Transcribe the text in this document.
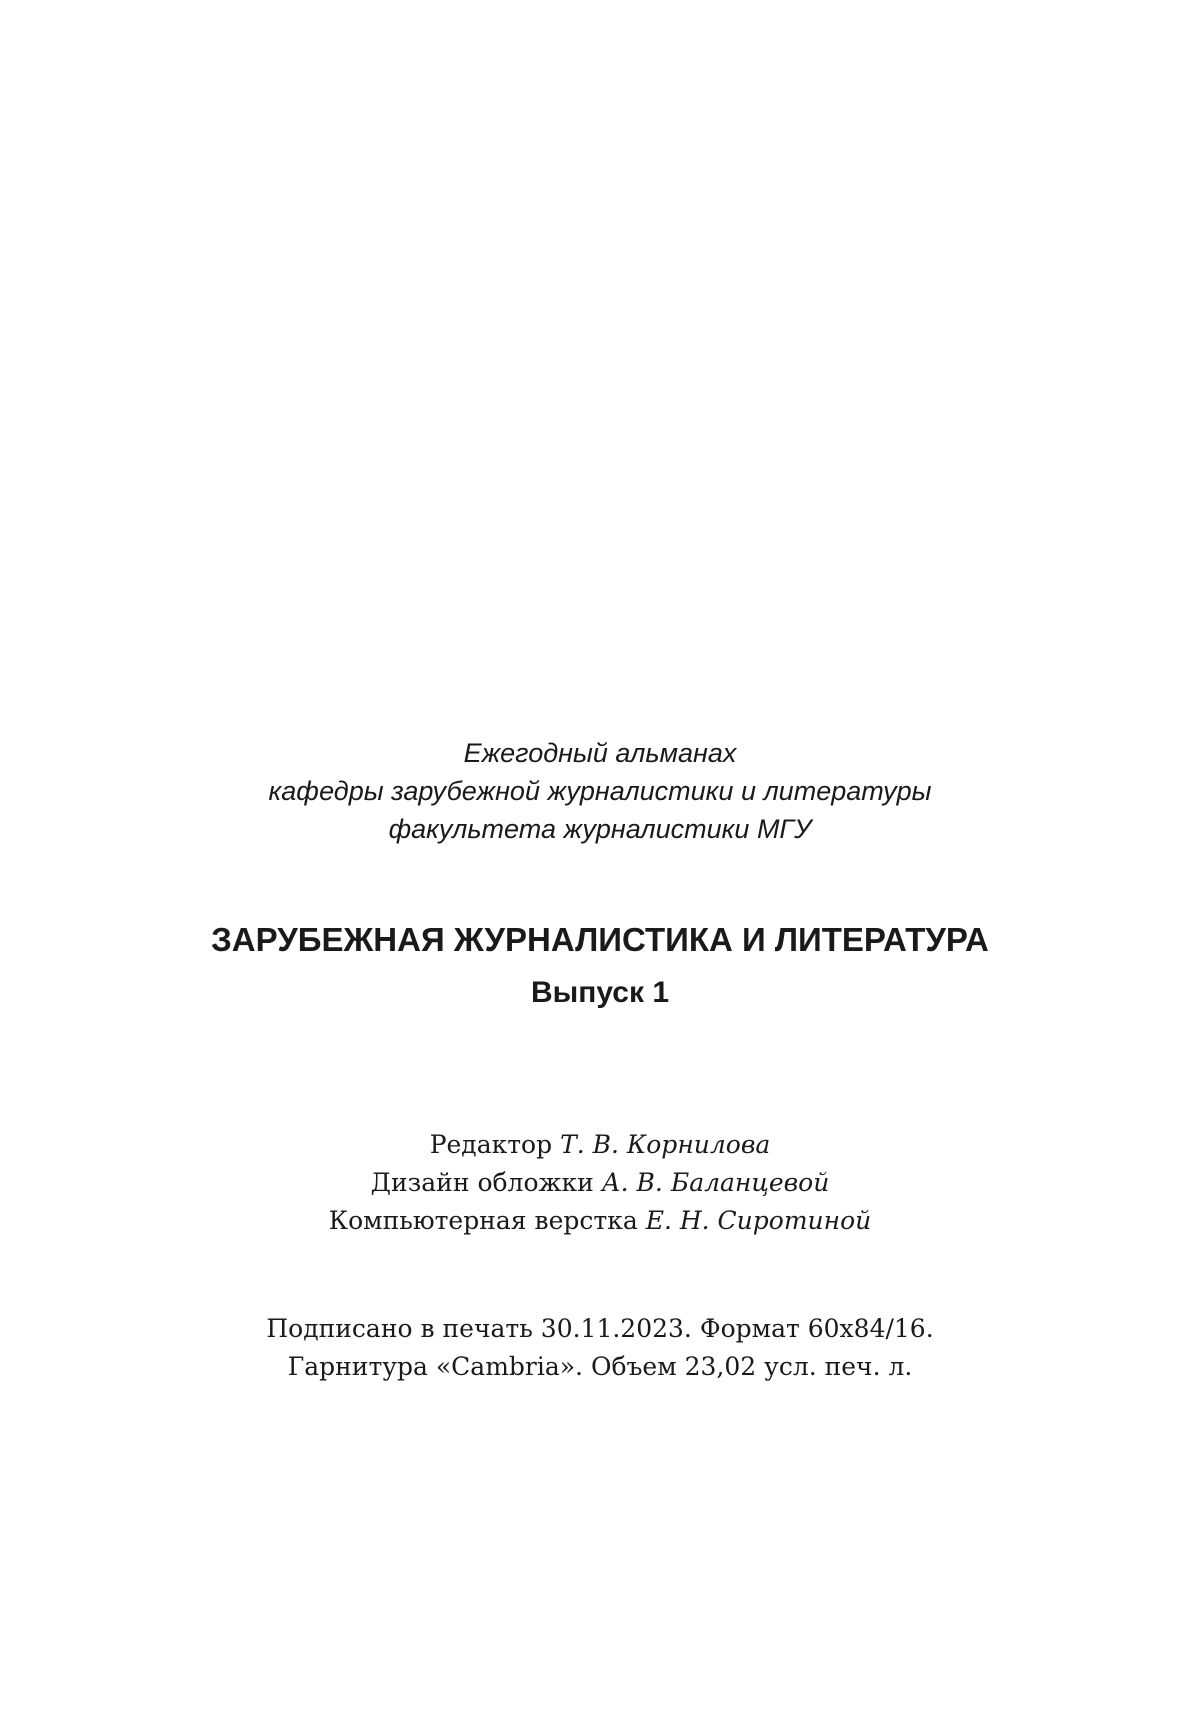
Ежегодный альманах
кафедры зарубежной журналистики и литературы
факультета журналистики МГУ
ЗАРУБЕЖНАЯ ЖУРНАЛИСТИКА И ЛИТЕРАТУРА
Выпуск 1
Редактор Т. В. Корнилова
Дизайн обложки А. В. Баланцевой
Компьютерная верстка Е. Н. Сиротиной
Подписано в печать 30.11.2023. Формат 60х84/16.
Гарнитура «Cambria». Объем 23,02 усл. печ. л.
